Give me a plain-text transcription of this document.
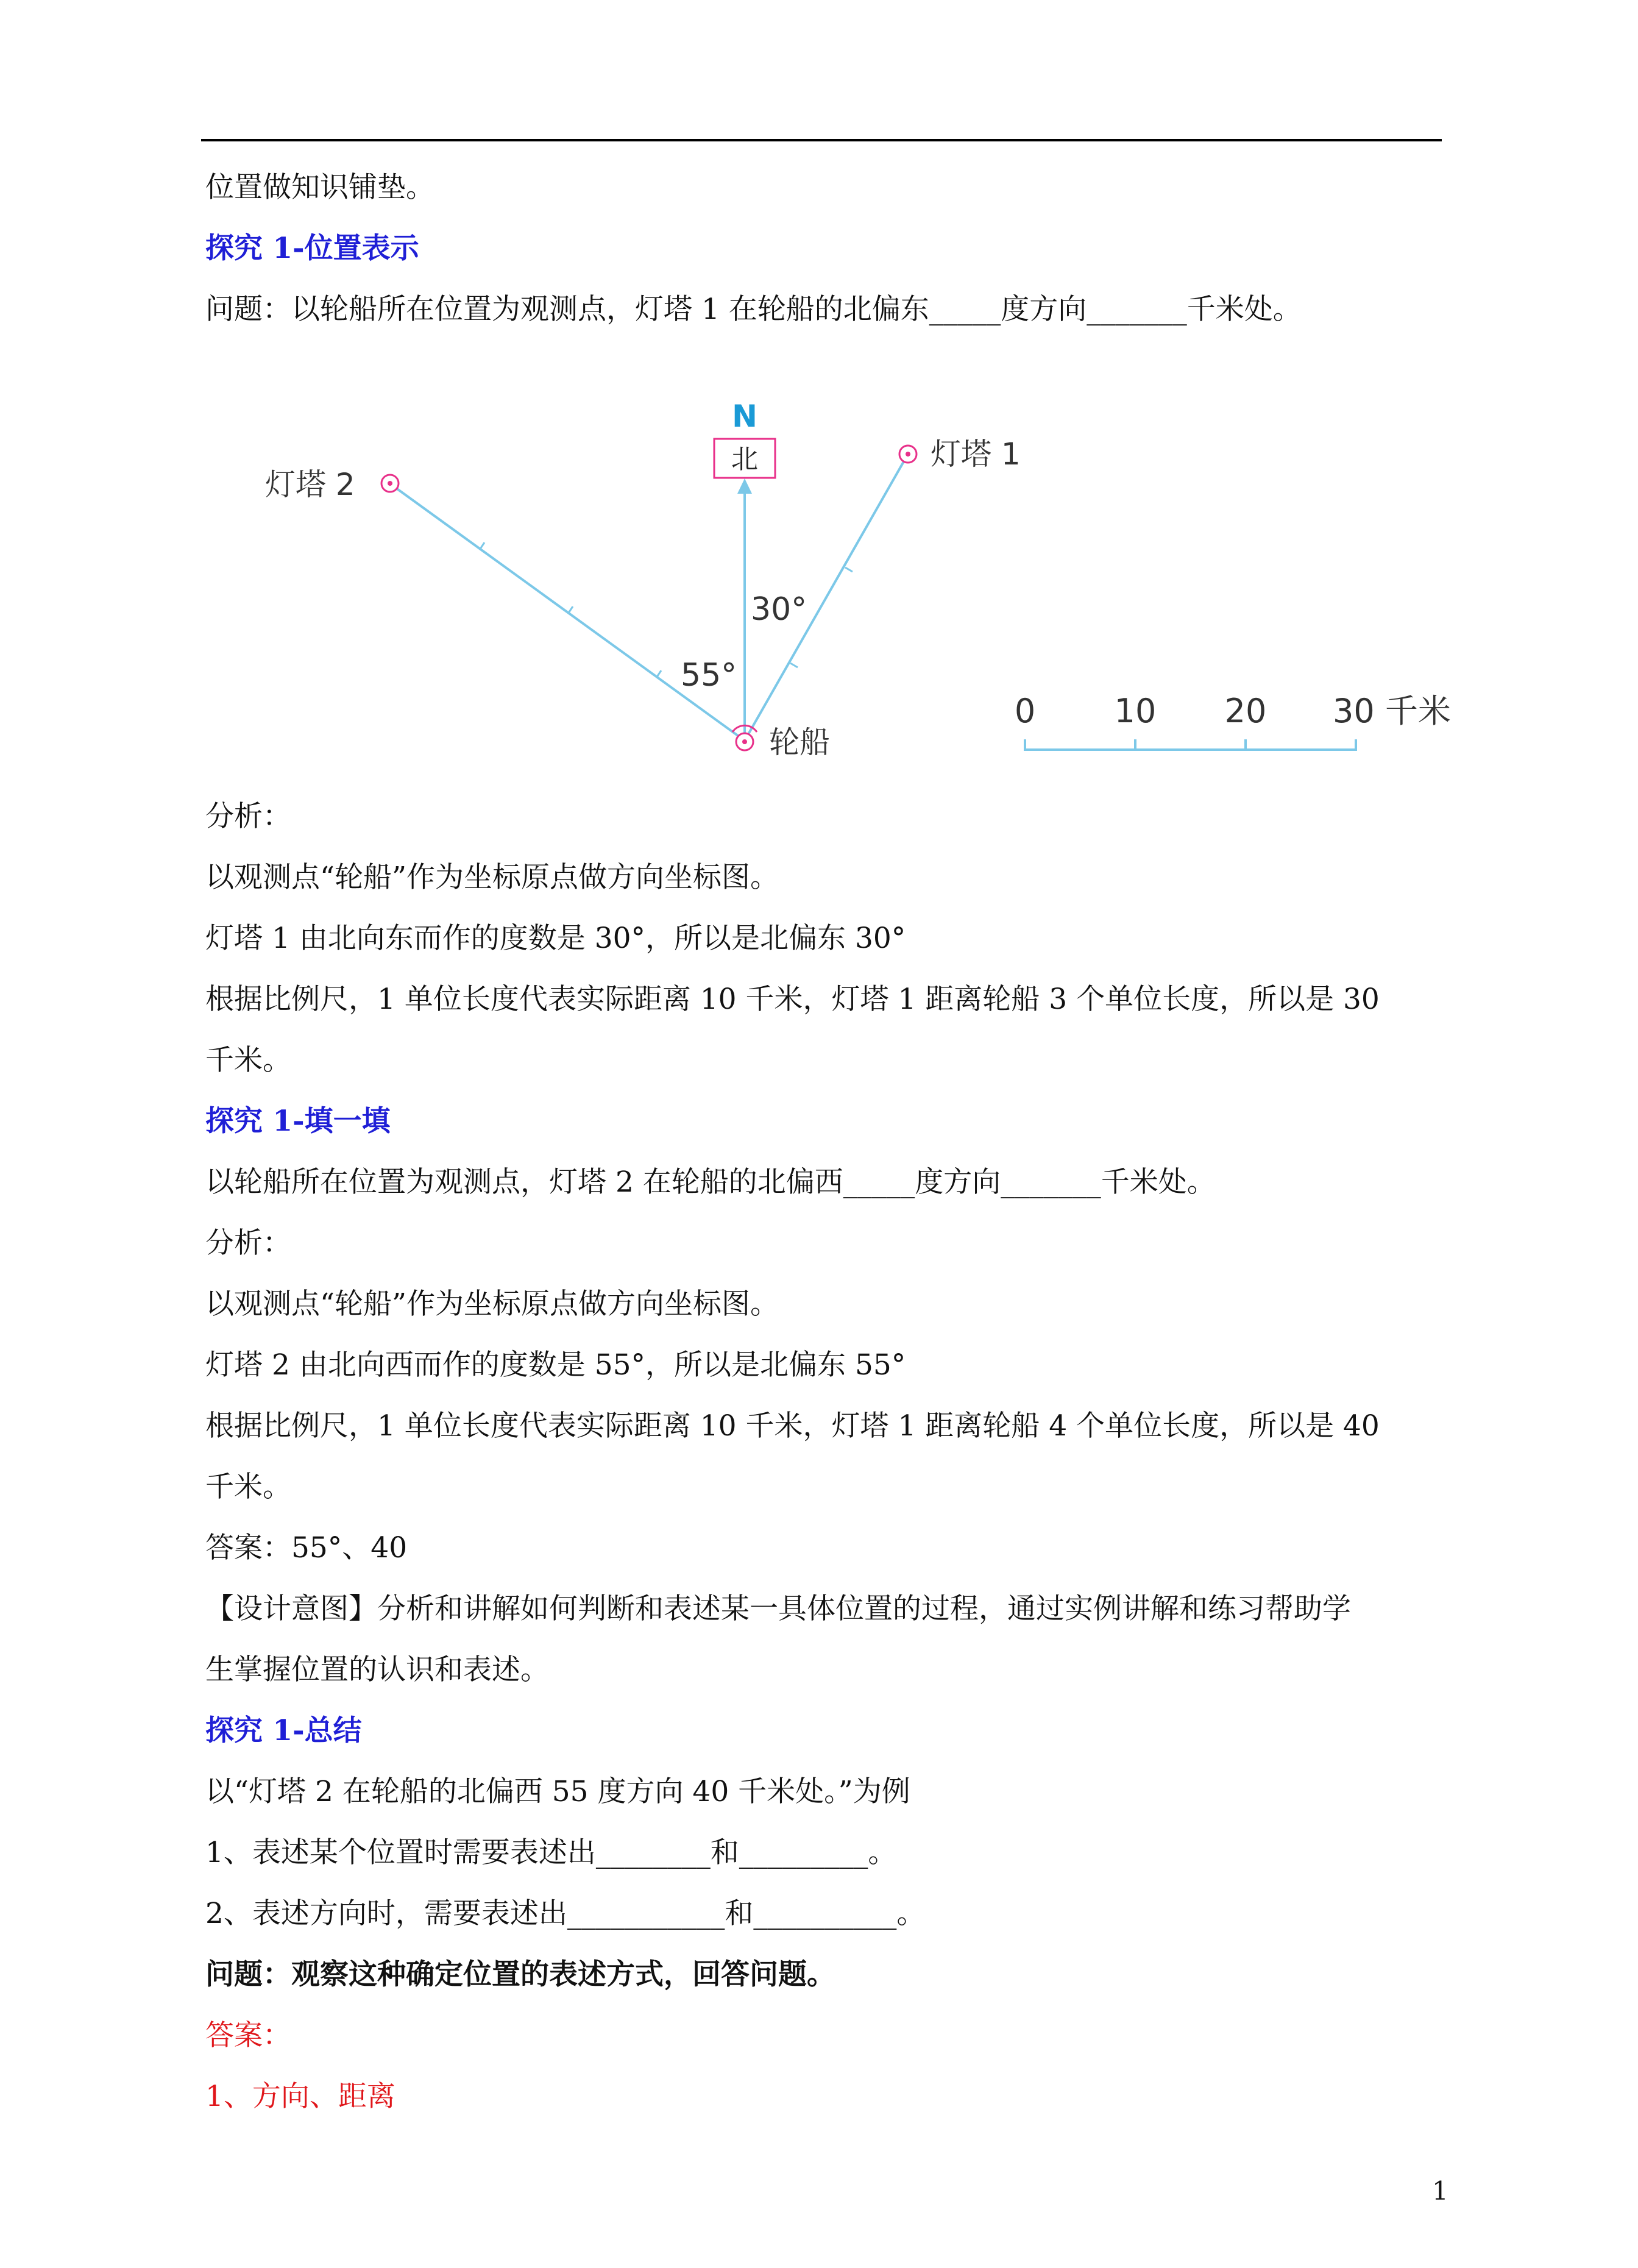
位置做知识铺垫。
探究 1-位置表示
问题：以轮船所在位置为观测点，灯塔 1 在轮船的北偏东_____度方向_______千米处。
北
N
灯塔 1
灯塔 2
轮船
30°
55°
0 10 20 30 千米
分析：
以观测点“轮船”作为坐标原点做方向坐标图。
灯塔 1 由北向东而作的度数是 30°，所以是北偏东 30°
根据比例尺，1 单位长度代表实际距离 10 千米，灯塔 1 距离轮船 3 个单位长度，所以是 30
千米。
探究 1-填一填
以轮船所在位置为观测点，灯塔 2 在轮船的北偏西_____度方向_______千米处。
分析：
以观测点“轮船”作为坐标原点做方向坐标图。
灯塔 2 由北向西而作的度数是 55°，所以是北偏东 55°
根据比例尺，1 单位长度代表实际距离 10 千米，灯塔 1 距离轮船 4 个单位长度，所以是 40
千米。
答案：55°、40
【设计意图】分析和讲解如何判断和表述某一具体位置的过程，通过实例讲解和练习帮助学
生掌握位置的认识和表述。
探究 1-总结
以“灯塔 2 在轮船的北偏西 55 度方向 40 千米处。”为例
1、表述某个位置时需要表述出________和_________。
2、表述方向时，需要表述出___________和__________。
问题：观察这种确定位置的表述方式，回答问题。
答案：
1、方向、距离
1
